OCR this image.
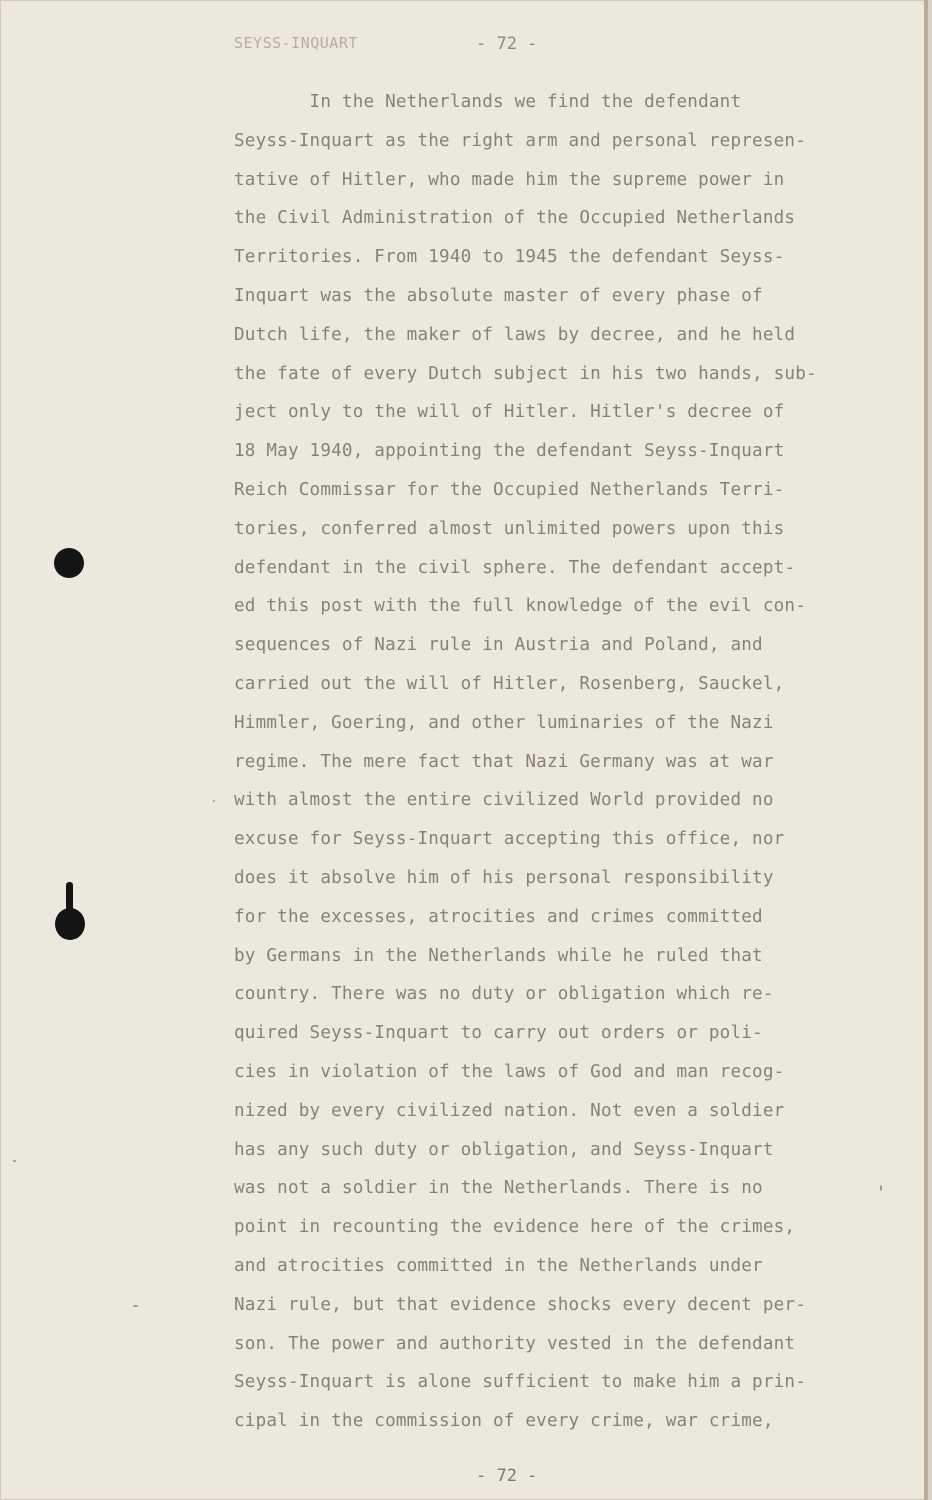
SEYSS-INQUART	- 72 -
In the Netherlands we find the defendant
Seyss-Inquart as the right arm and personal represen-
tative of Hitler, who made him the supreme power in
the Civil Administration of the Occupied Netherlands
Territories. From 1940 to 1945 the defendant Seyss-
Inquart was the absolute master of every phase of
Dutch life, the maker of laws by decree, and he held
the fate of every Dutch subject in his two hands, sub-
ject only to the will of Hitler. Hitler's decree of
18 May 1940, appointing the defendant Seyss-Inquart
Reich Commissar for the Occupied Netherlands Terri-
tories, conferred almost unlimited powers upon this
defendant in the civil sphere. The defendant accept-
ed this post with the full knowledge of the evil con-
sequences of Nazi rule in Austria and Poland, and
carried out the will of Hitler, Rosenberg, Sauckel,
Himmler, Goering, and other luminaries of the Nazi
regime. The mere fact that Nazi Germany was at war
with almost the entire civilized World provided no
excuse for Seyss-Inquart accepting this office, nor
does it absolve him of his personal responsibility
for the excesses, atrocities and crimes committed
by Germans in the Netherlands while he ruled that
country. There was no duty or obligation which re-
quired Seyss-Inquart to carry out orders or poli-
cies in violation of the laws of God and man recog-
nized by every civilized nation. Not even a soldier
has any such duty or obligation, and Seyss-Inquart
was not a soldier in the Netherlands. There is no
point in recounting the evidence here of the crimes,
and atrocities committed in the Netherlands under
Nazi rule, but that evidence shocks every decent per-
son. The power and authority vested in the defendant
Seyss-Inquart is alone sufficient to make him a prin-
cipal in the commission of every crime, war crime,
- 72 -
